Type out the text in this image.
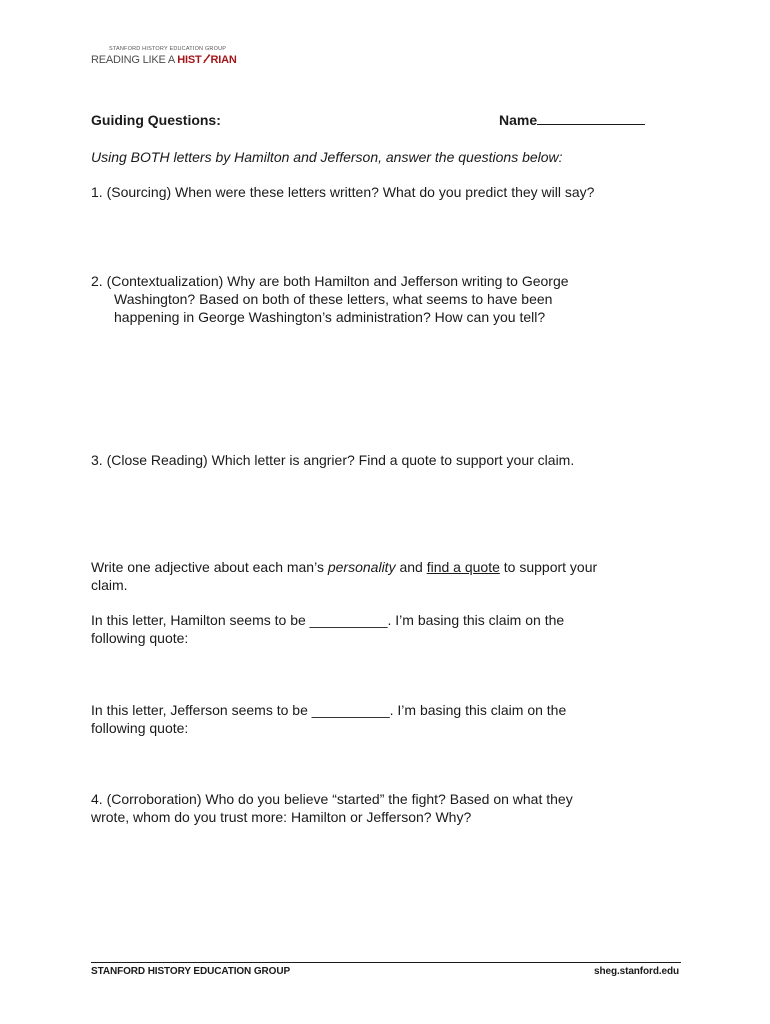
STANFORD HISTORY EDUCATION GROUP
READING LIKE A HIST RIAN
Guiding Questions:	Name
Using BOTH letters by Hamilton and Jefferson, answer the questions below:
1. (Sourcing) When were these letters written? What do you predict they will say?
2. (Contextualization) Why are both Hamilton and Jefferson writing to George
Washington? Based on both of these letters, what seems to have been
happening in George Washington’s administration? How can you tell?
3. (Close Reading) Which letter is angrier? Find a quote to support your claim.
Write one adjective about each man’s personality and find a quote to support your
claim.
In this letter, Hamilton seems to be __________. I’m basing this claim on the
following quote:
In this letter, Jefferson seems to be __________. I’m basing this claim on the
following quote:
4. (Corroboration) Who do you believe “started” the fight? Based on what they
wrote, whom do you trust more: Hamilton or Jefferson? Why?
STANFORD HISTORY EDUCATION GROUP	sheg.stanford.edu
